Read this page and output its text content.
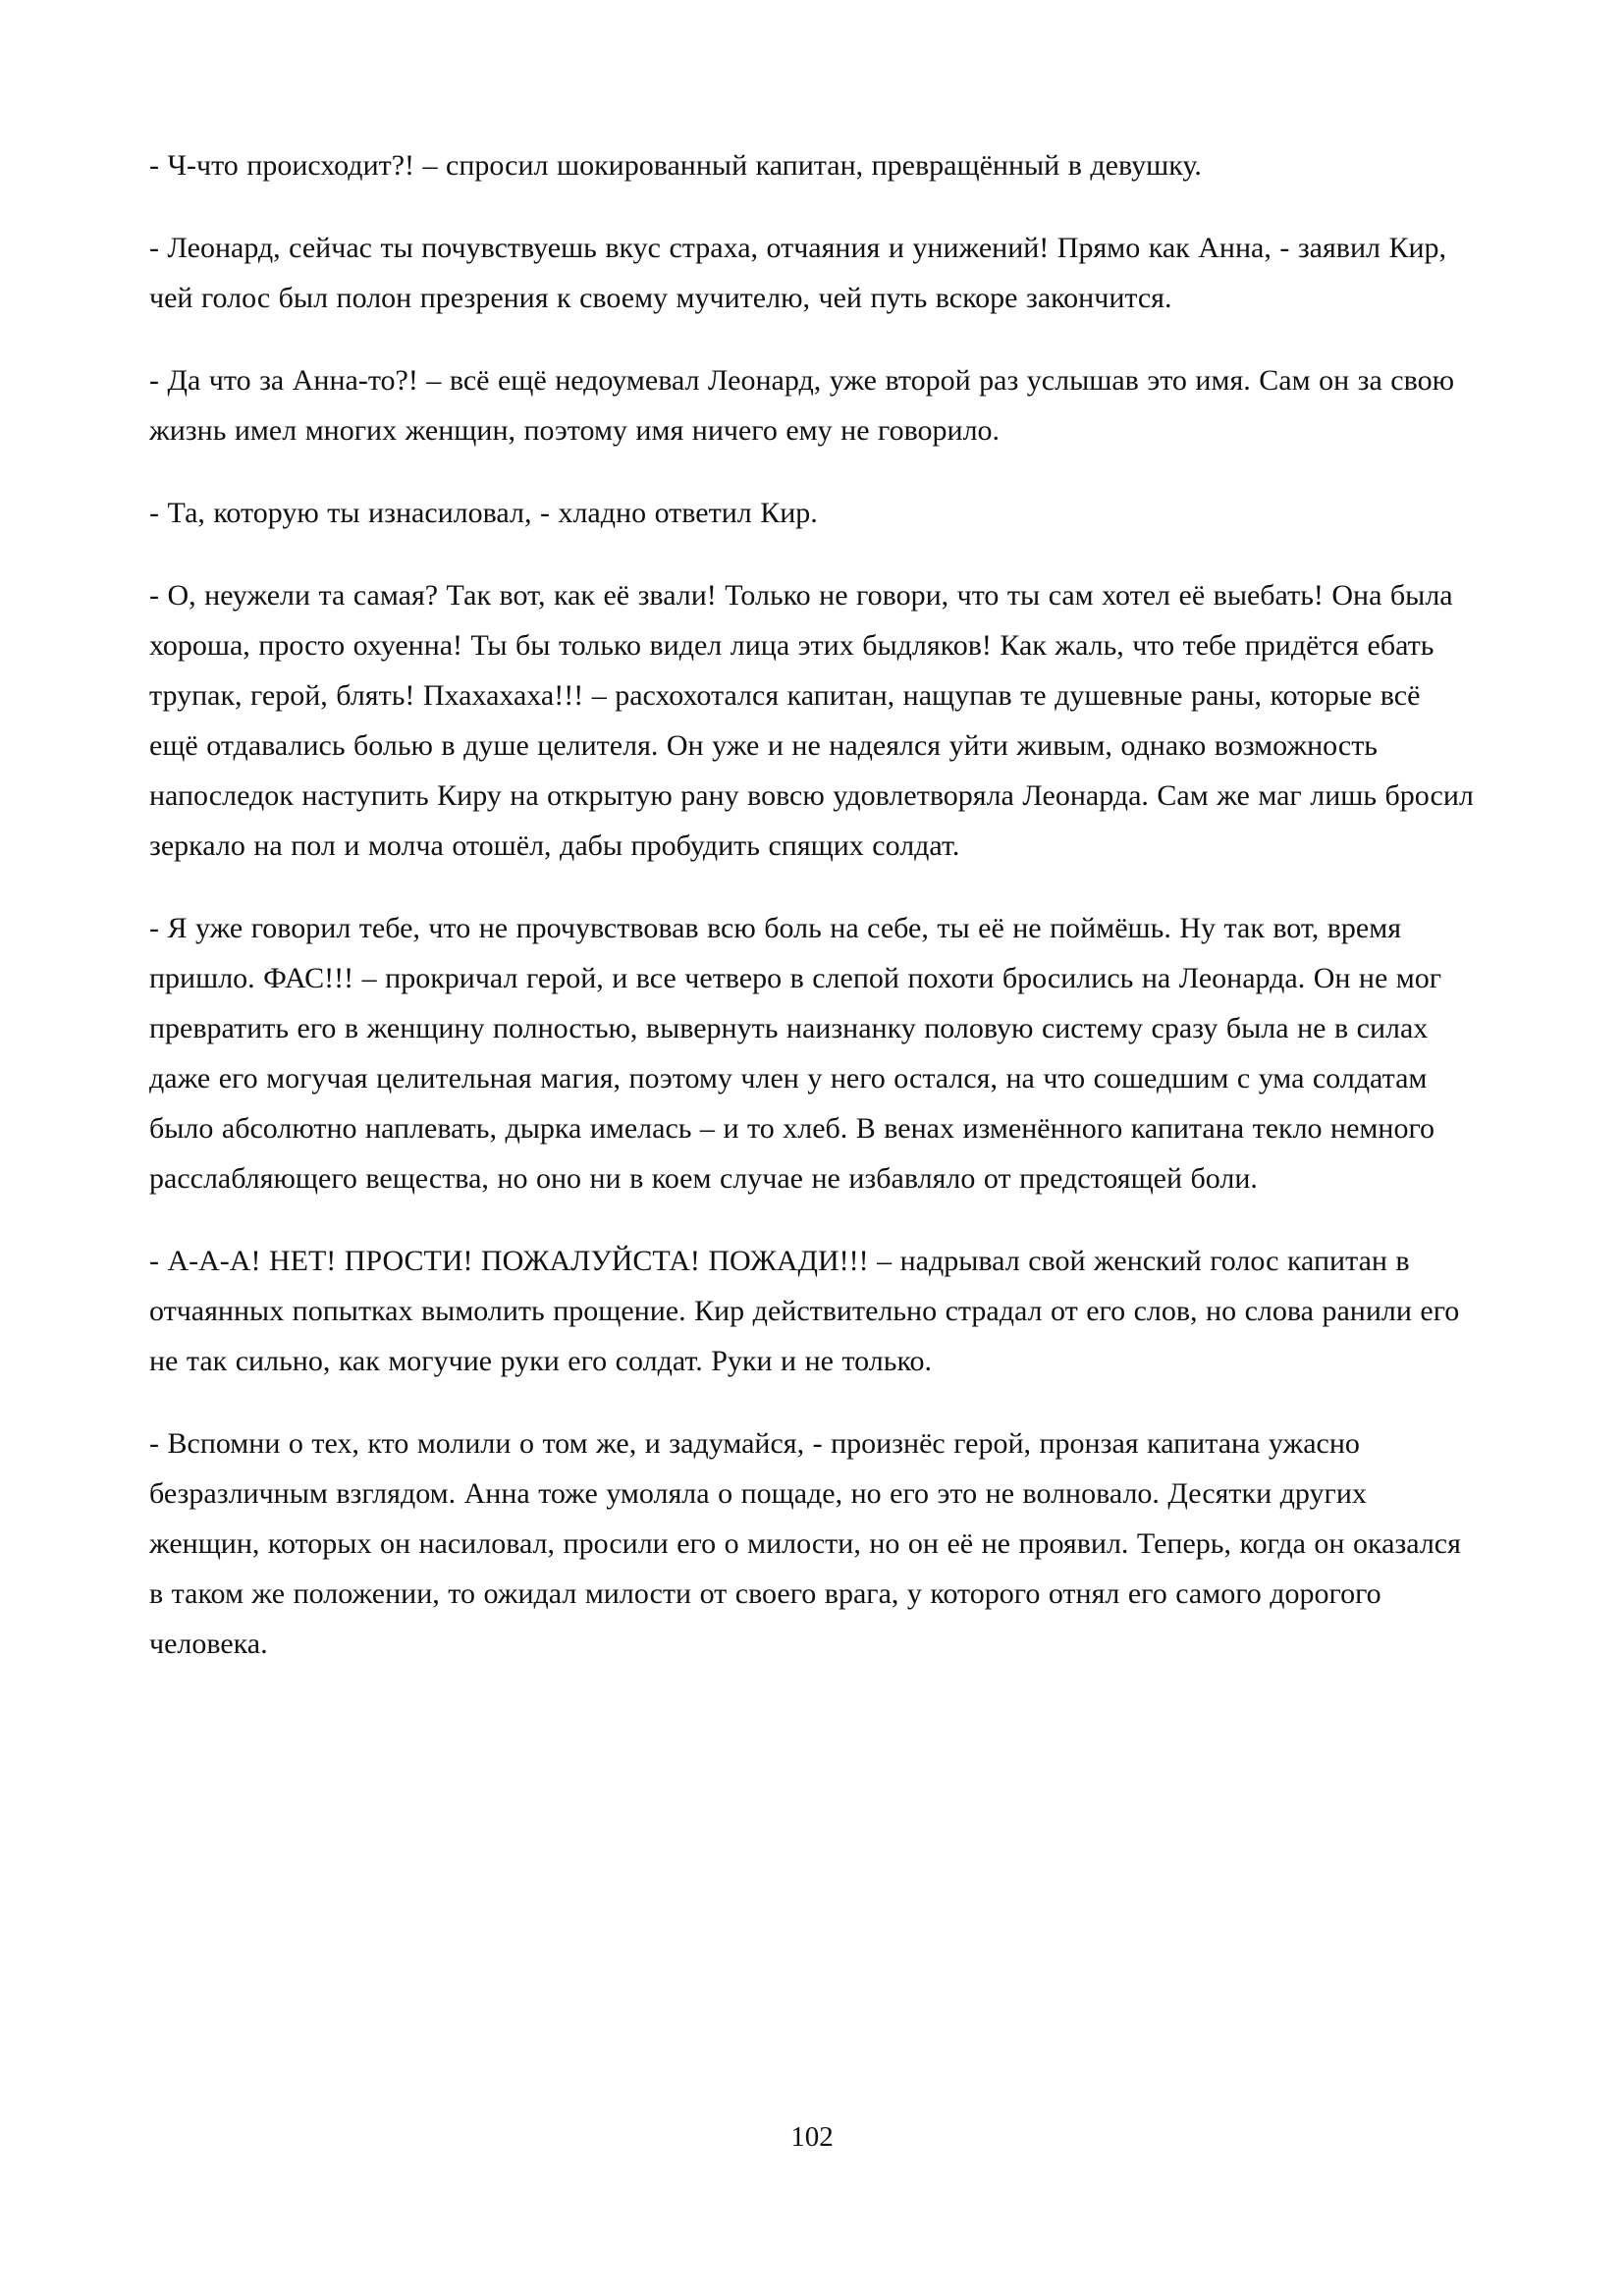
- Ч-что происходит?! – спросил шокированный капитан, превращённый в девушку.

- Леонард, сейчас ты почувствуешь вкус страха, отчаяния и унижений! Прямо как Анна, - заявил Кир, чей голос был полон презрения к своему мучителю, чей путь вскоре закончится.

- Да что за Анна-то?! – всё ещё недоумевал Леонард, уже второй раз услышав это имя. Сам он за свою жизнь имел многих женщин, поэтому имя ничего ему не говорило.

- Та, которую ты изнасиловал, - хладно ответил Кир.

- О, неужели та самая? Так вот, как её звали! Только не говори, что ты сам хотел её выебать! Она была хороша, просто охуенна! Ты бы только видел лица этих быдляков! Как жаль, что тебе придётся ебать трупак, герой, блять! Пхахахаха!!! – расхохотался капитан, нащупав те душевные раны, которые всё ещё отдавались болью в душе целителя. Он уже и не надеялся уйти живым, однако возможность напоследок наступить Киру на открытую рану вовсю удовлетворяла Леонарда. Сам же маг лишь бросил зеркало на пол и молча отошёл, дабы пробудить спящих солдат.

- Я уже говорил тебе, что не прочувствовав всю боль на себе, ты её не поймёшь. Ну так вот, время пришло. ФАС!!! – прокричал герой, и все четверо в слепой похоти бросились на Леонарда. Он не мог превратить его в женщину полностью, вывернуть наизнанку половую систему сразу была не в силах даже его могучая целительная магия, поэтому член у него остался, на что сошедшим с ума солдатам было абсолютно наплевать, дырка имелась – и то хлеб. В венах изменённого капитана текло немного расслабляющего вещества, но оно ни в коем случае не избавляло от предстоящей боли.

- А-А-А! НЕТ! ПРОСТИ! ПОЖАЛУЙСТА! ПОЖАДИ!!! – надрывал свой женский голос капитан в отчаянных попытках вымолить прощение. Кир действительно страдал от его слов, но слова ранили его не так сильно, как могучие руки его солдат. Руки и не только.

- Вспомни о тех, кто молили о том же, и задумайся, - произнёс герой, пронзая капитана ужасно безразличным взглядом. Анна тоже умоляла о пощаде, но его это не волновало. Десятки других женщин, которых он насиловал, просили его о милости, но он её не проявил. Теперь, когда он оказался в таком же положении, то ожидал милости от своего врага, у которого отнял его самого дорогого человека.

102
